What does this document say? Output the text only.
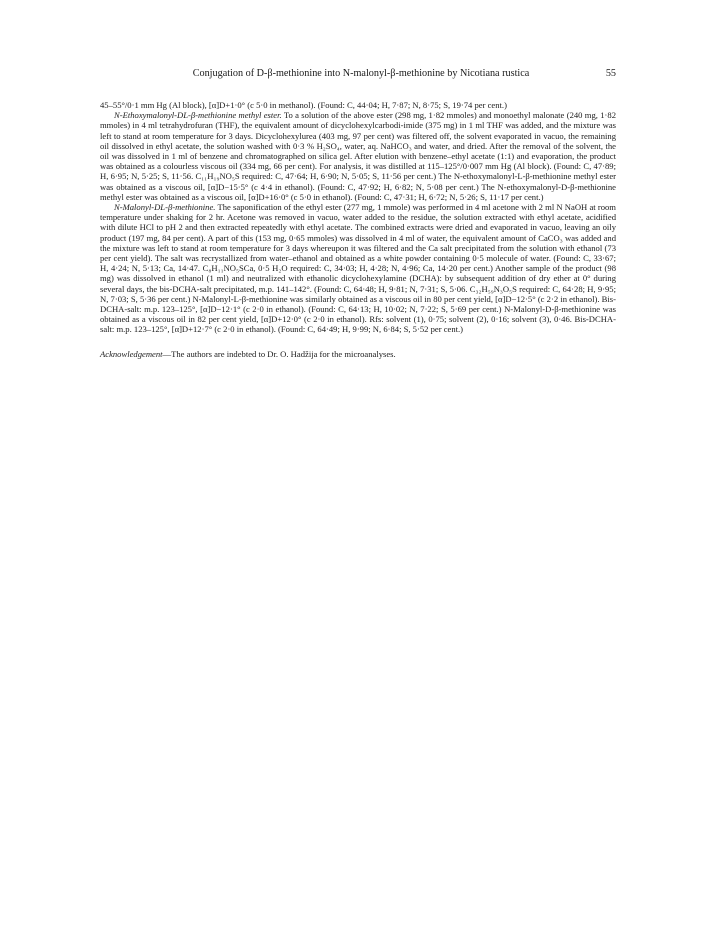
Conjugation of D-β-methionine into N-malonyl-β-methionine by Nicotiana rustica	55

45–55°/0·1 mm Hg (Al block), [α]D+1·0° (c 5·0 in methanol). (Found: C, 44·04; H, 7·87; N, 8·75; S, 19·74 per cent.)

N-Ethoxymalonyl-DL-β-methionine methyl ester. To a solution of the above ester (298 mg, 1·82 mmoles) and monoethyl malonate (240 mg, 1·82 mmoles) in 4 ml tetrahydrofuran (THF), the equivalent amount of dicyclohexylcarbodi-imide (375 mg) in 1 ml THF was added, and the mixture was left to stand at room temperature for 3 days. Dicyclohexylurea (403 mg, 97 per cent) was filtered off, the solvent evaporated in vacuo, the remaining oil dissolved in ethyl acetate, the solution washed with 0·3 % H₂SO₄, water, aq. NaHCO₃ and water, and dried. After the removal of the solvent, the oil was dissolved in 1 ml of benzene and chromatographed on silica gel. After elution with benzene–ethyl acetate (1:1) and evaporation, the product was obtained as a colourless viscous oil (334 mg, 66 per cent). For analysis, it was distilled at 115–125°/0·007 mm Hg (Al block). (Found: C, 47·89; H, 6·95; N, 5·25; S, 11·56. C₁₁H₁₉NO₅S required: C, 47·64; H, 6·90; N, 5·05; S, 11·56 per cent.) The N-ethoxymalonyl-L-β-methionine methyl ester was obtained as a viscous oil, [α]D−15·5° (c 4·4 in ethanol). (Found: C, 47·92; H, 6·82; N, 5·08 per cent.) The N-ethoxymalonyl-D-β-methionine methyl ester was obtained as a viscous oil, [α]D+16·0° (c 5·0 in ethanol). (Found: C, 47·31; H, 6·72; N, 5·26; S, 11·17 per cent.)

N-Malonyl-DL-β-methionine. The saponification of the ethyl ester (277 mg, 1 mmole) was performed in 4 ml acetone with 2 ml N NaOH at room temperature under shaking for 2 hr. Acetone was removed in vacuo, water added to the residue, the solution extracted with ethyl acetate, acidified with dilute HCl to pH 2 and then extracted repeatedly with ethyl acetate. The combined extracts were dried and evaporated in vacuo, leaving an oily product (197 mg, 84 per cent). A part of this (153 mg, 0·65 mmoles) was dissolved in 4 ml of water, the equivalent amount of CaCO₃ was added and the mixture was left to stand at room temperature for 3 days whereupon it was filtered and the Ca salt precipitated from the solution with ethanol (73 per cent yield). The salt was recrystallized from water–ethanol and obtained as a white powder containing 0·5 molecule of water. (Found: C, 33·67; H, 4·24; N, 5·13; Ca, 14·47. C₈H₁₁NO₅SCa, 0·5 H₂O required: C, 34·03; H, 4·28; N, 4·96; Ca, 14·20 per cent.) Another sample of the product (98 mg) was dissolved in ethanol (1 ml) and neutralized with ethanolic dicyclohexylamine (DCHA): by subsequent addition of dry ether at 0° during several days, the bis-DCHA-salt precipitated, m.p. 141–142°. (Found: C, 64·48; H, 9·81; N, 7·31; S, 5·06. C₃₂H₅₉N₃O₅S required: C, 64·28; H, 9·95; N, 7·03; S, 5·36 per cent.) N-Malonyl-L-β-methionine was similarly obtained as a viscous oil in 80 per cent yield, [α]D−12·5° (c 2·2 in ethanol). Bis-DCHA-salt: m.p. 123–125°, [α]D−12·1° (c 2·0 in ethanol). (Found: C, 64·13; H, 10·02; N, 7·22; S, 5·69 per cent.) N-Malonyl-D-β-methionine was obtained as a viscous oil in 82 per cent yield, [α]D+12·0° (c 2·0 in ethanol). Rfs: solvent (1), 0·75; solvent (2), 0·16; solvent (3), 0·46. Bis-DCHA-salt: m.p. 123–125°, [α]D+12·7° (c 2·0 in ethanol). (Found: C, 64·49; H, 9·99; N, 6·84; S, 5·52 per cent.)

Acknowledgement—The authors are indebted to Dr. O. Hadžija for the microanalyses.
